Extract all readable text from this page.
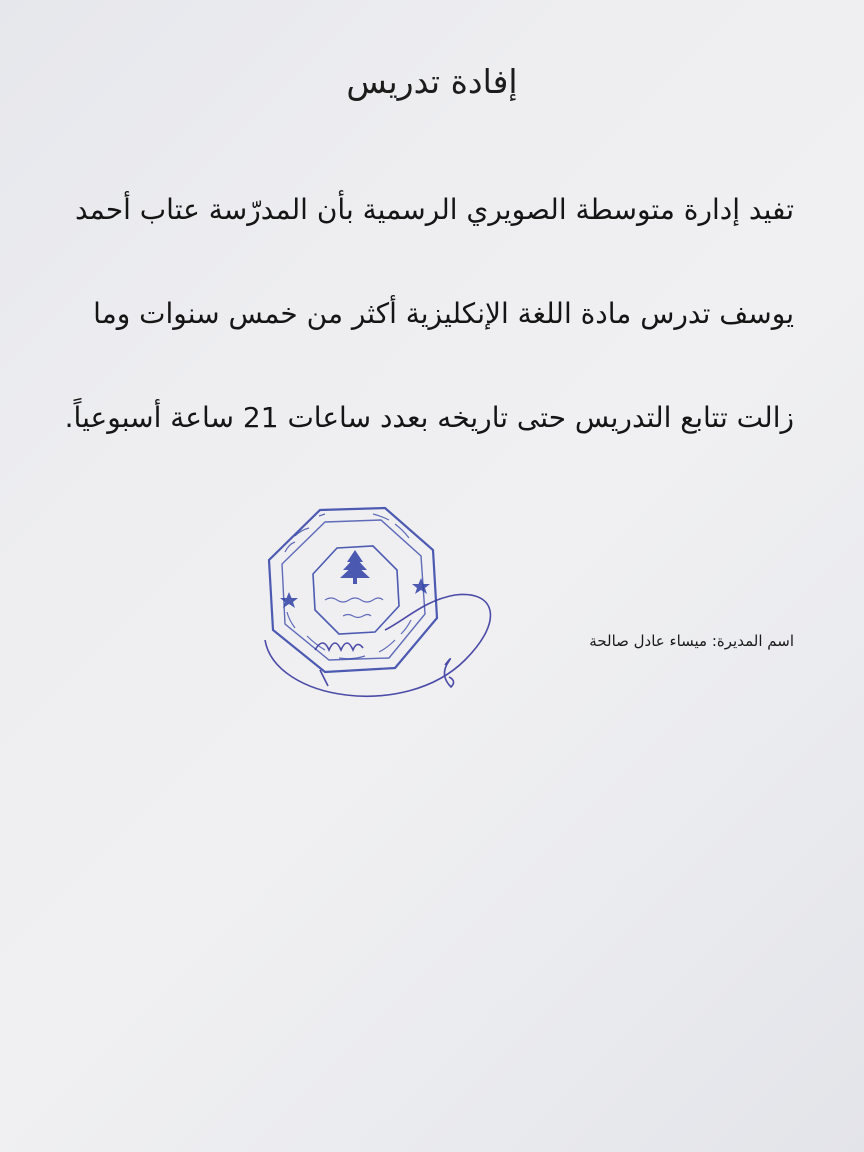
إفادة تدريس
تفيد إدارة متوسطة الصويري الرسمية بأن المدرّسة عتاب أحمد
يوسف تدرس مادة اللغة الإنكليزية أكثر من خمس سنوات وما
زالت تتابع التدريس حتى تاريخه بعدد ساعات 21 ساعة أسبوعياً.
اسم المديرة: ميساء عادل صالحة
